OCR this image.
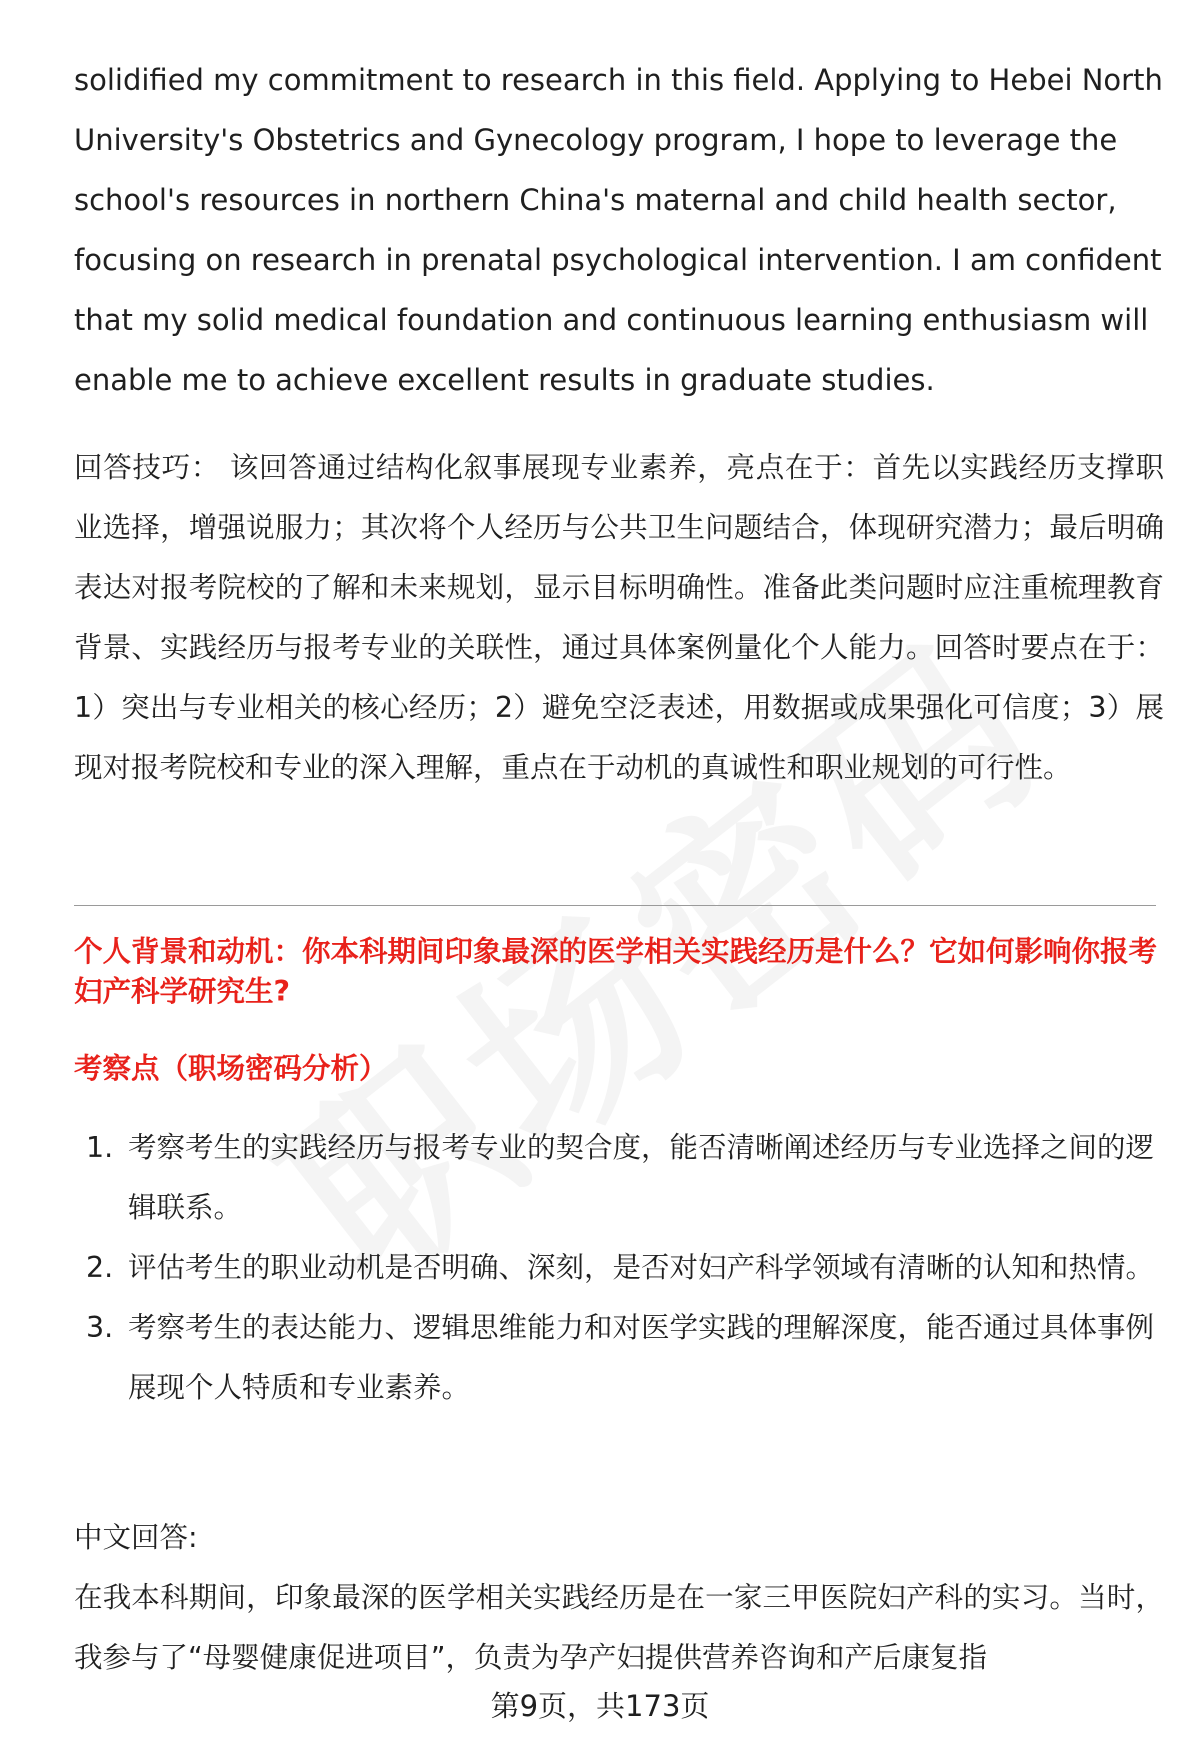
solidified my commitment to research in this field. Applying to Hebei North University's Obstetrics and Gynecology program, I hope to leverage the school's resources in northern China's maternal and child health sector, focusing on research in prenatal psychological intervention. I am confident that my solid medical foundation and continuous learning enthusiasm will enable me to achieve excellent results in graduate studies.

回答技巧： 该回答通过结构化叙事展现专业素养，亮点在于：首先以实践经历支撑职业选择，增强说服力；其次将个人经历与公共卫生问题结合，体现研究潜力；最后明确表达对报考院校的了解和未来规划，显示目标明确性。准备此类问题时应注重梳理教育背景、实践经历与报考专业的关联性，通过具体案例量化个人能力。回答时要点在于：1）突出与专业相关的核心经历；2）避免空泛表述，用数据或成果强化可信度；3）展现对报考院校和专业的深入理解，重点在于动机的真诚性和职业规划的可行性。

个人背景和动机：你本科期间印象最深的医学相关实践经历是什么？它如何影响你报考妇产科学研究生?
考察点（职场密码分析）
1. 考察考生的实践经历与报考专业的契合度，能否清晰阐述经历与专业选择之间的逻辑联系。
2. 评估考生的职业动机是否明确、深刻，是否对妇产科学领域有清晰的认知和热情。
3. 考察考生的表达能力、逻辑思维能力和对医学实践的理解深度，能否通过具体事例展现个人特质和专业素养。
中文回答:

在我本科期间，印象最深的医学相关实践经历是在一家三甲医院妇产科的实习。当时，我参与了“母婴健康促进项目”，负责为孕产妇提供营养咨询和产后康复指

第9页，共173页
